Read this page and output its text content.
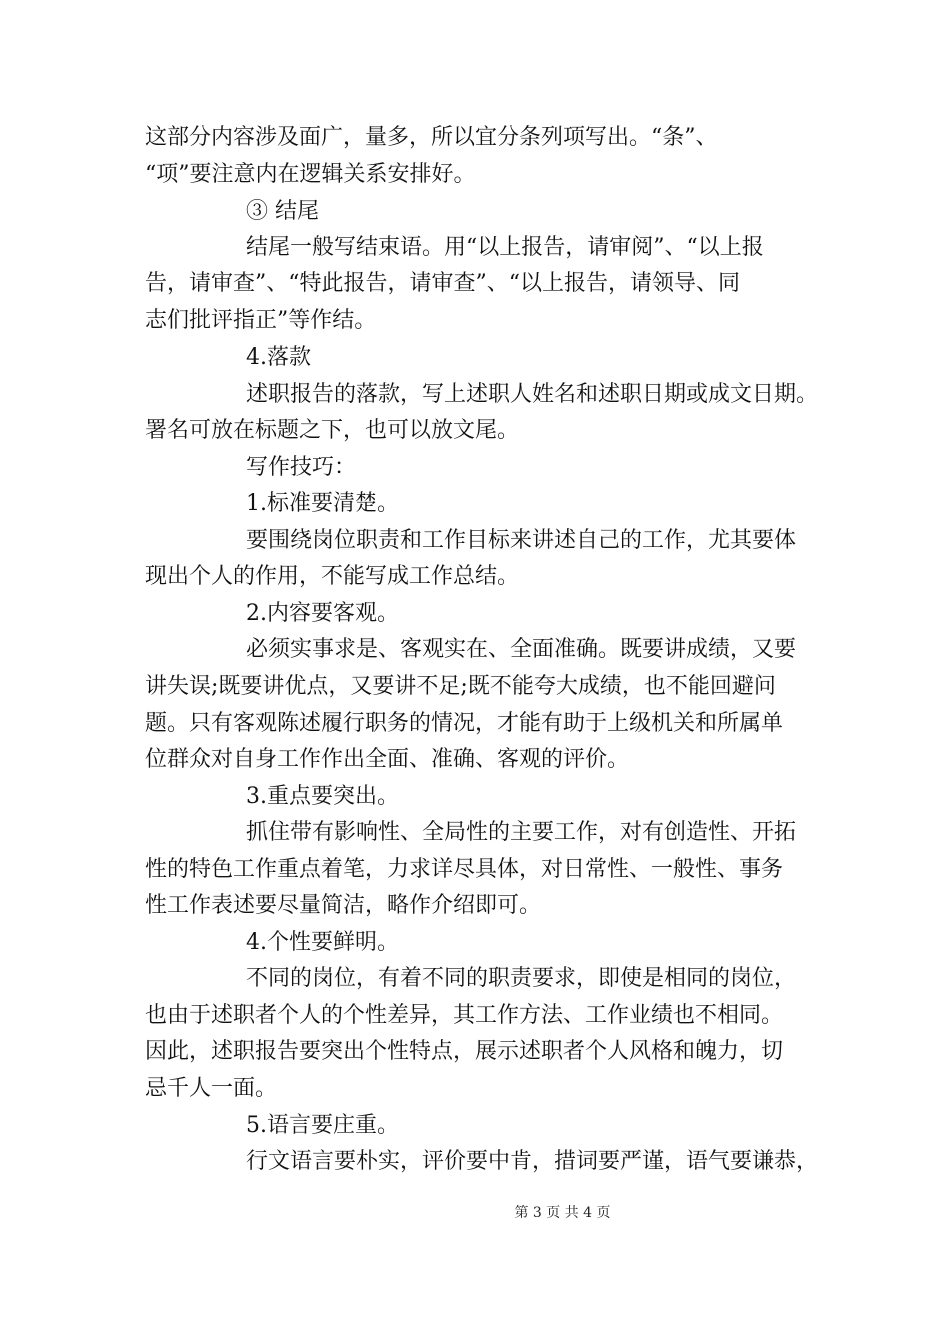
这部分内容涉及面广，量多，所以宜分条列项写出。“条”、
“项”要注意内在逻辑关系安排好。
③ 结尾
结尾一般写结束语。用“以上报告，请审阅”、“以上报
告，请审查”、“特此报告，请审查”、“以上报告，请领导、同
志们批评指正”等作结。
4.落款
述职报告的落款，写上述职人姓名和述职日期或成文日期。
署名可放在标题之下，也可以放文尾。
写作技巧：
1.标准要清楚。
要围绕岗位职责和工作目标来讲述自己的工作，尤其要体
现出个人的作用，不能写成工作总结。
2.内容要客观。
必须实事求是、客观实在、全面准确。既要讲成绩，又要
讲失误;既要讲优点，又要讲不足;既不能夸大成绩，也不能回避问
题。只有客观陈述履行职务的情况，才能有助于上级机关和所属单
位群众对自身工作作出全面、准确、客观的评价。
3.重点要突出。
抓住带有影响性、全局性的主要工作，对有创造性、开拓
性的特色工作重点着笔，力求详尽具体，对日常性、一般性、事务
性工作表述要尽量简洁，略作介绍即可。
4.个性要鲜明。
不同的岗位，有着不同的职责要求，即使是相同的岗位，
也由于述职者个人的个性差异，其工作方法、工作业绩也不相同。
因此，述职报告要突出个性特点，展示述职者个人风格和魄力，切
忌千人一面。
5.语言要庄重。
行文语言要朴实，评价要中肯，措词要严谨，语气要谦恭，
第 3 页 共 4 页
